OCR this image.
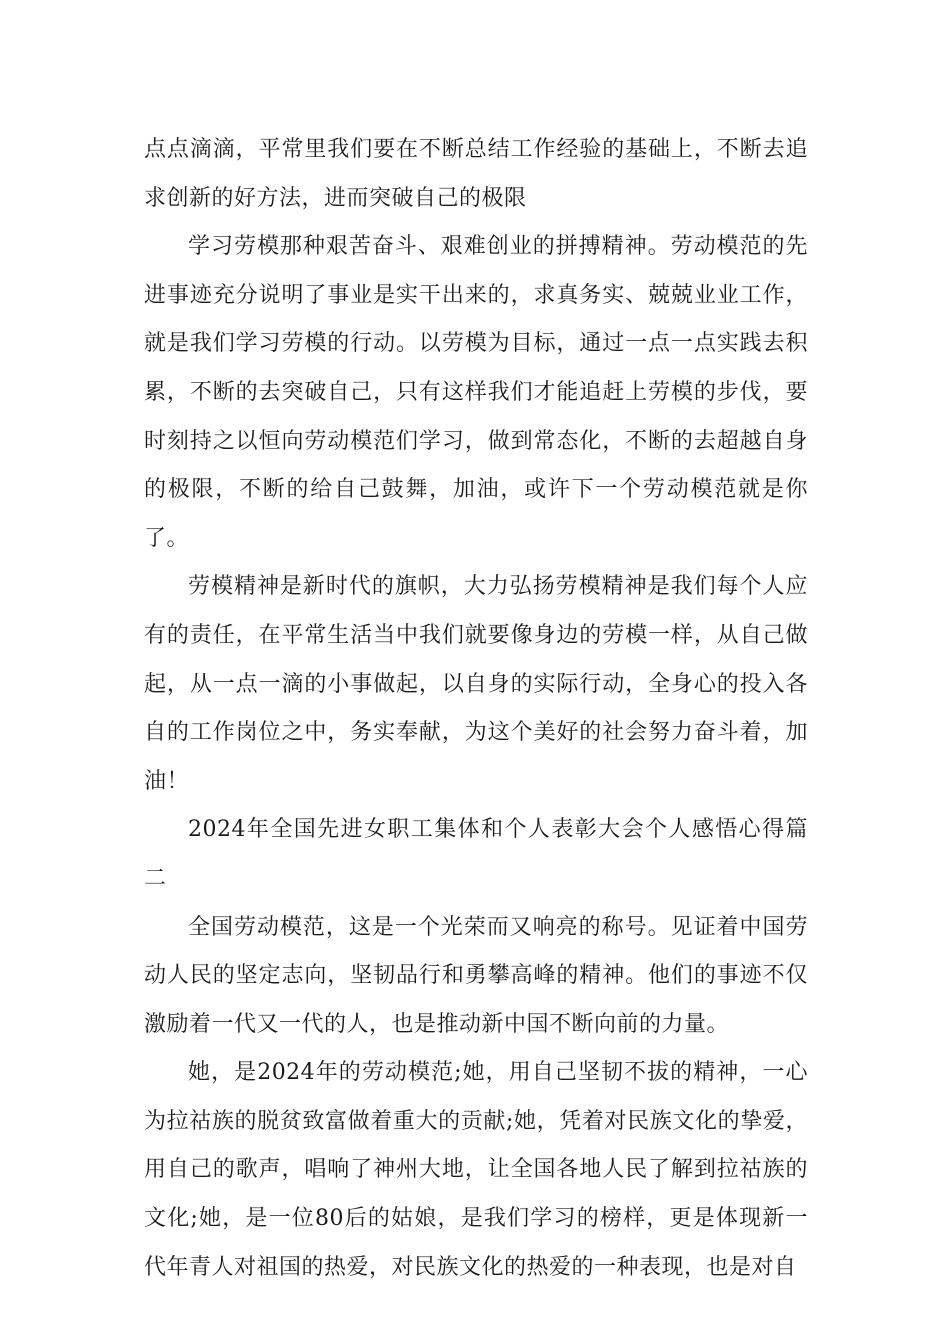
点点滴滴，平常里我们要在不断总结工作经验的基础上，不断去追求创新的好方法，进而突破自己的极限

学习劳模那种艰苦奋斗、艰难创业的拼搏精神。劳动模范的先进事迹充分说明了事业是实干出来的，求真务实、兢兢业业工作，就是我们学习劳模的行动。以劳模为目标，通过一点一点实践去积累，不断的去突破自己，只有这样我们才能追赶上劳模的步伐，要时刻持之以恒向劳动模范们学习，做到常态化，不断的去超越自身的极限，不断的给自己鼓舞，加油，或许下一个劳动模范就是你了。

劳模精神是新时代的旗帜，大力弘扬劳模精神是我们每个人应有的责任，在平常生活当中我们就要像身边的劳模一样，从自己做起，从一点一滴的小事做起，以自身的实际行动，全身心的投入各自的工作岗位之中，务实奉献，为这个美好的社会努力奋斗着，加油！

2024年全国先进女职工集体和个人表彰大会个人感悟心得篇二

全国劳动模范，这是一个光荣而又响亮的称号。见证着中国劳动人民的坚定志向，坚韧品行和勇攀高峰的精神。他们的事迹不仅激励着一代又一代的人，也是推动新中国不断向前的力量。

她，是2024年的劳动模范;她，用自己坚韧不拔的精神，一心为拉祜族的脱贫致富做着重大的贡献;她，凭着对民族文化的挚爱，用自己的歌声，唱响了神州大地，让全国各地人民了解到拉祜族的文化;她，是一位80后的姑娘，是我们学习的榜样，更是体现新一代年青人对祖国的热爱，对民族文化的热爱的一种表现，也是对自
